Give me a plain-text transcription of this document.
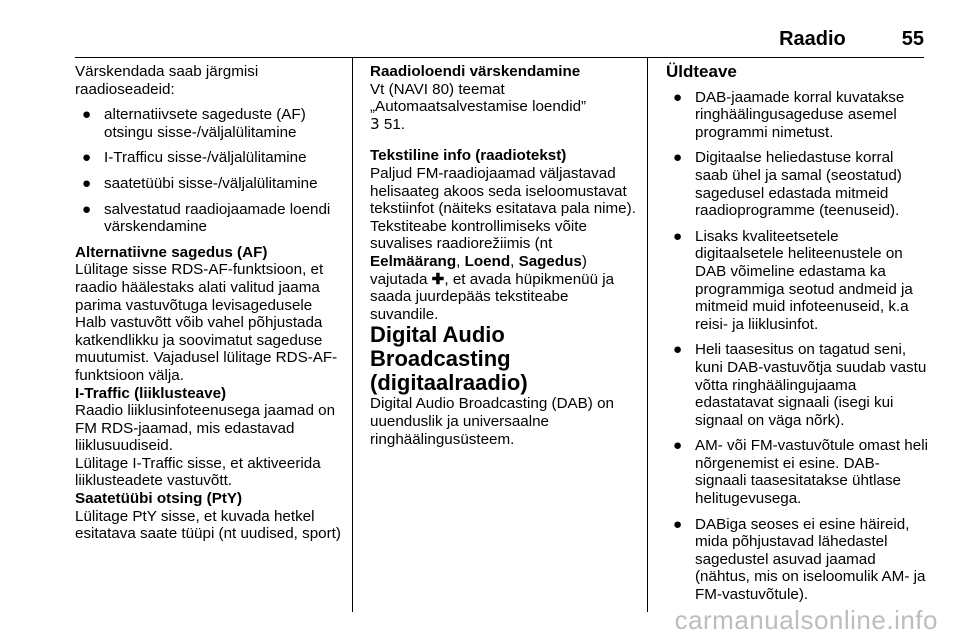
Raadio	55

Värskendada saab järgmisi raadioseadeid:

● alternatiivsete sageduste (AF) otsingu sisse-/väljalülitamine
● I-Trafficu sisse-/väljalülitamine
● saatetüübi sisse-/väljalülitamine
● salvestatud raadiojaamade loendi värskendamine

Alternatiivne sagedus (AF)

Lülitage sisse RDS-AF-funktsioon, et raadio häälestaks alati valitud jaama parima vastuvõtuga levisagedusele

Halb vastuvõtt võib vahel põhjustada katkendlikku ja soovimatut sageduse muutumist. Vajadusel lülitage RDS-AF-funktsioon välja.

I-Traffic (liiklusteave)

Raadio liiklusinfoteenusega jaamad on FM RDS-jaamad, mis edastavad liiklusuudiseid.

Lülitage I-Traffic sisse, et aktiveerida liiklusteadete vastuvõtt.

Saatetüübi otsing (PtY)

Lülitage PtY sisse, et kuvada hetkel esitatava saate tüüpi (nt uudised, sport)

Raadioloendi värskendamine

Vt (NAVI 80) teemat

„Automaatsalvestamise loendid”

3 51.

Tekstiline info (raadiotekst)

Paljud FM-raadiojaamad väljastavad helisaateg akoos seda iseloomustavat tekstiinfot (näiteks esitatava pala nime).

Tekstiteabe kontrollimiseks võite suvalises raadiorežiimis (nt Eelmäärang, Loend, Sagedus)
vajutada ✚, et avada hüpikmenüü ja saada juurdepääs tekstiteabe suvandile.

Digital Audio Broadcasting (digitaalraadio)

Digital Audio Broadcasting (DAB) on uuenduslik ja universaalne ringhäälingusüsteem.

Üldteave

● DAB-jaamade korral kuvatakse ringhäälingusageduse asemel programmi nimetust.
● Digitaalse heliedastuse korral saab ühel ja samal (seostatud) sagedusel edastada mitmeid raadioprogramme (teenuseid).
● Lisaks kvaliteetsetele digitaalsetele heliteenustele on DAB võimeline edastama ka programmiga seotud andmeid ja mitmeid muid infoteenuseid, k.a reisi- ja liiklusinfot.
● Heli taasesitus on tagatud seni, kuni DAB-vastuvõtja suudab vastu võtta ringhäälingujaama edastatavat signaali (isegi kui signaal on väga nõrk).
● AM- või FM-vastuvõtule omast heli nõrgenemist ei esine. DAB-signaali taasesitatakse ühtlase helitugevusega.
● DABiga seoses ei esine häireid, mida põhjustavad lähedastel sagedustel asuvad jaamad (nähtus, mis on iseloomulik AM- ja FM-vastuvõtule).
carmanualsonline.info
